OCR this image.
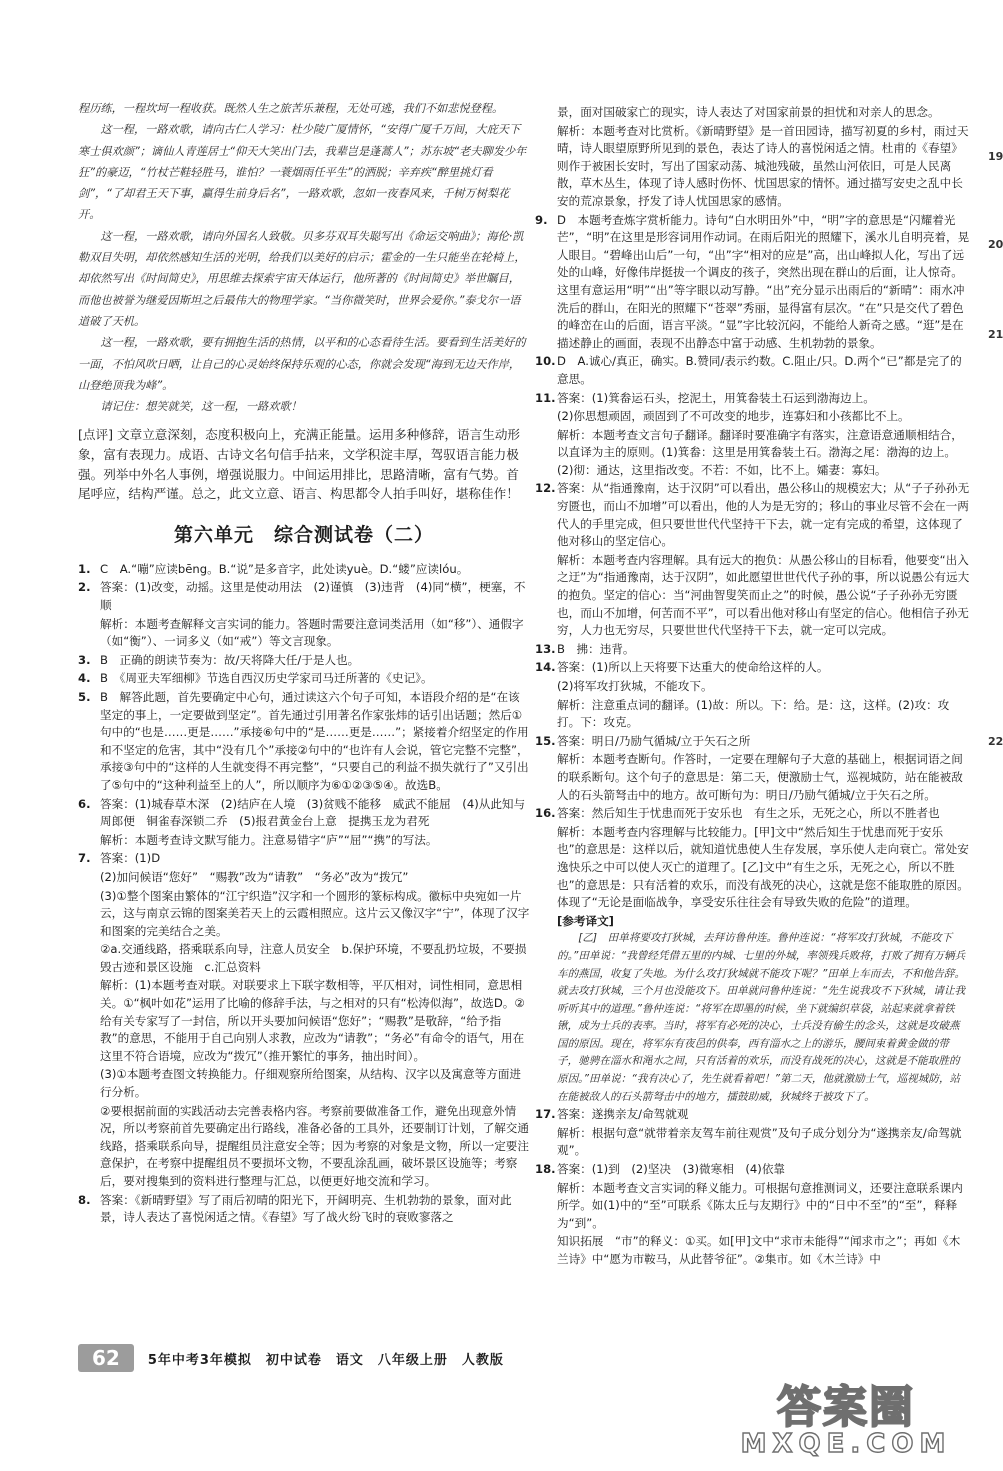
程历练，一程坎坷一程收获。既然人生之旅苦乐兼程，无处可逃，我们不如悲悦登程。

这一程，一路欢歌，请向古仁人学习：杜少陵广厦情怀，“安得广厦千万间，大庇天下寒士俱欢颜”；谪仙人青莲居士“仰天大笑出门去，我辈岂是蓬蒿人”；苏东坡“老夫聊发少年狂”的豪迈，“竹杖芒鞋轻胜马，谁怕？一蓑烟雨任平生”的洒脱；辛弃疾“醉里挑灯看剑”，“了却君王天下事，赢得生前身后名”，一路欢歌，忽如一夜春风来，千树万树梨花开。

这一程，一路欢歌，请向外国名人致敬。贝多芬双耳失聪写出《命运交响曲》；海伦·凯勒双目失明，却依然感知生活的光明，给我们以美好的启示；霍金的一生只能坐在轮椅上，却依然写出《时间简史》，用思维去探索宇宙天体运行，他所著的《时间简史》举世瞩目，而他也被誉为继爱因斯坦之后最伟大的物理学家。“当你微笑时，世界会爱你。”泰戈尔一语道破了天机。

这一程，一路欢歌，要有拥抱生活的热情，以平和的心态看待生活。要看到生活美好的一面，不怕风吹日晒，让自己的心灵始终保持乐观的心态，你就会发现“海到无边天作岸，山登绝顶我为峰”。

请记住：想笑就笑，这一程，一路欢歌！

[点评] 文章立意深刻，态度积极向上，充满正能量。运用多种修辞，语言生动形象，富有表现力。成语、古诗文名句信手拈来，文学积淀丰厚，驾驭语言能力极强。列举中外名人事例，增强说服力。中间运用排比，思路清晰，富有气势。首尾呼应，结构严谨。总之，此文立意、语言、构思都令人拍手叫好，堪称佳作！

第六单元　综合测试卷（二）

1. C　A.“嘣”应读bēng。B.“说”是多音字，此处读yuè。D.“蝼”应读lóu。

2. 答案：(1)改变，动摇。这里是使动用法　(2)谨慎　(3)违背　(4)同“横”，梗塞，不顺

解析：本题考查解释文言实词的能力。答题时需要注意词类活用（如“移”）、通假字（如“衡”）、一词多义（如“戒”）等文言现象。

3. B　正确的朗读节奏为：故/天将降大任/于是人也。

4. B　《周亚夫军细柳》节选自西汉历史学家司马迁所著的《史记》。

5. B　解答此题，首先要确定中心句，通过读这六个句子可知，本语段介绍的是“在该坚定的事上，一定要做到坚定”。首先通过引用著名作家张炜的话引出话题；然后①句中的“也是……更是……”承接⑥句中的“是……更是……”；紧接着介绍坚定的作用和不坚定的危害，其中“没有几个”承接②句中的“也许有人会说，管它完整不完整”，承接③句中的“这样的人生就变得不再完整”，“只要自己的利益不损失就行了”又引出了⑤句中的“这种利益至上的人”，所以顺序为⑥①②③⑤④。故选B。

6. 答案：(1)城春草木深　(2)结庐在人境　(3)贫贱不能移　威武不能屈　(4)从此知与周郎便　铜雀春深锁二乔　(5)报君黄金台上意　提携玉龙为君死

解析：本题考查诗文默写能力。注意易错字“庐”“屈”“携”的写法。

7. 答案：(1)D

(2)加问候语“您好”　“赐教”改为“请教”　“务必”改为“拨冗”

(3)①整个图案由繁体的“江宁织造”汉字和一个圆形的篆标构成。徽标中央宛如一片云，这与南京云锦的图案美若天上的云霞相照应。这片云又像汉字“宁”，体现了汉字和图案的完美结合之美。

②a.交通线路，搭乘联系向导，注意人员安全　b.保护环境，不要乱扔垃圾，不要损毁古迹和景区设施　c.汇总资料

解析：(1)本题考查对联。对联要求上下联字数相等，平仄相对，词性相同，意思相关。①“枫叶如花”运用了比喻的修辞手法，与之相对的只有“松涛似海”，故选D。②给有关专家写了一封信，所以开头要加问候语“您好”；“赐教”是敬辞，“给予指教”的意思，不能用于自己向别人求教，应改为“请教”；“务必”有命令的语气，用在这里不符合语境，应改为“拨冗”（推开繁忙的事务，抽出时间）。

(3)①本题考查图文转换能力。仔细观察所给图案，从结构、汉字以及寓意等方面进行分析。

②要根据前面的实践活动去完善表格内容。考察前要做准备工作，避免出现意外情况，所以考察前首先要确定出行路线，准备必备的工具外，还要制订计划，了解交通线路，搭乘联系向导，提醒组员注意安全等；因为考察的对象是文物，所以一定要注意保护，在考察中提醒组员不要损坏文物，不要乱涂乱画，破坏景区设施等；考察后，要对搜集到的资料进行整理与汇总，以便更好地交流和学习。

8. 答案：《新晴野望》写了雨后初晴的阳光下，开阔明亮、生机勃勃的景象，面对此景，诗人表达了喜悦闲适之情。《春望》写了战火纷飞时的衰败寥落之

景，面对国破家亡的现实，诗人表达了对国家前景的担忧和对亲人的思念。

解析：本题考查对比赏析。《新晴野望》是一首田园诗，描写初夏的乡村，雨过天晴，诗人眼望原野所见到的景色，表达了诗人的喜悦闲适之情。杜甫的《春望》则作于被困长安时，写出了国家动荡、城池残破，虽然山河依旧，可是人民离散，草木丛生，体现了诗人感时伤怀、忧国思家的情怀。通过描写安史之乱中长安的荒凉景象，抒发了诗人忧国思家的感情。

9. D　本题考查炼字赏析能力。诗句“白水明田外”中，“明”字的意思是“闪耀着光芒”，“明”在这里是形容词用作动词。在雨后阳光的照耀下，溪水儿自明亮着，晃人眼目。“碧峰出山后”一句，“出”字“相对的应是”高，出山峰拟人化，写出了远处的山峰，好像伟岸挺拔一个调皮的孩子，突然出现在群山的后面，让人惊奇。这里有意运用“明”“出”等字眼以动写静。“出”充分显示出雨后的“新晴”：雨水冲洗后的群山，在阳光的照耀下“苍翠”秀丽，显得富有层次。“在”只是交代了碧色的峰峦在山的后面，语言平淡。“显”字比较沉闷，不能给人新奇之感。“逛”是在描述静止的画面，表现不出静态中富于动感、生机勃勃的景象。

10. D　A.诚心/真正，确实。B.赞同/表示约数。C.阻止/只。D.两个“已”都是完了的意思。

11. 答案：(1)箕畚运石头，挖泥土，用箕畚装土石运到渤海边上。

(2)你思想顽固，顽固到了不可改变的地步，连寡妇和小孩都比不上。

解析：本题考查文言句子翻译。翻译时要准确字有落实，注意语意通顺相结合，以直译为主的原则。(1)箕畚：这里是用箕畚装土石。渤海之尾：渤海的边上。(2)彻：通达，这里指改变。不若：不如，比不上。孀妻：寡妇。

12. 答案：从“指通豫南，达于汉阴”可以看出，愚公移山的规模宏大；从“子子孙孙无穷匮也，而山不加增”可以看出，他的人为是无穷的；移山的事业尽管不会在一两代人的手里完成，但只要世世代代坚持干下去，就一定有完成的希望，这体现了他对移山的坚定信心。

解析：本题考查内容理解。具有远大的抱负：从愚公移山的目标看，他要变“出入之迂”为“指通豫南，达于汉阴”，如此愿望世世代代子孙的事，所以说愚公有远大的抱负。坚定的信心：当“河曲智叟笑而止之”的时候，愚公说“子子孙孙无穷匮也，而山不加增，何苦而不平”，可以看出他对移山有坚定的信心。他相信子孙无穷，人力也无穷尽，只要世世代代坚持干下去，就一定可以完成。

13. B　拂：违背。

14. 答案：(1)所以上天将要下达重大的使命给这样的人。

(2)将军攻打狄城，不能攻下。

解析：注意重点词的翻译。(1)故：所以。下：给。是：这，这样。(2)攻：攻打。下：攻克。

15. 答案：明日/乃励气循城/立于矢石之所

解析：本题考查断句。作答时，一定要在理解句子大意的基础上，根据词语之间的联系断句。这个句子的意思是：第二天，便激励士气，巡视城防，站在能被敌人的石头箭弩击中的地方。故可断句为：明日/乃励气循城/立于矢石之所。

16. 答案：然后知生于忧患而死于安乐也　有生之乐，无死之心，所以不胜者也

解析：本题考查内容理解与比较能力。[甲]文中“然后知生于忧患而死于安乐也”的意思是：这样以后，就知道忧患使人生存发展，享乐使人走向衰亡。常处安逸快乐之中可以使人灭亡的道理了。[乙]文中“有生之乐，无死之心，所以不胜也”的意思是：只有活着的欢乐，而没有战死的决心，这就是您不能取胜的原因。体现了“无论是面临战争，享受安乐往往会有导致失败的危险”的道理。

[参考译文]

[乙]　田单将要攻打狄城，去拜访鲁仲连。鲁仲连说：“将军攻打狄城，不能攻下的。”田单说：“我曾经凭借五里的内城、七里的外城，率领残兵败将，打败了拥有万辆兵车的燕国，收复了失地。为什么攻打狄城就不能攻下呢？”田单上车而去，不和他告辞。就去攻打狄城，三个月也没能攻下。田单就问鲁仲连说：“先生说我攻不下狄城，请让我听听其中的道理。”鲁仲连说：“将军在即墨的时候，坐下就编织草袋，站起来就拿着铁锹，成为士兵的表率。当时，将军有必死的决心，士兵没有偷生的念头，这就是攻破燕国的原因。现在，将军东有夜邑的供奉，西有淄水之上的游乐，腰间束着黄金做的带子，驰骋在淄水和渑水之间，只有活着的欢乐，而没有战死的决心，这就是不能取胜的原因。”田单说：“我有决心了，先生就看着吧！”第二天，他就激励士气，巡视城防，站在能被敌人的石头箭弩击中的地方，擂鼓助威，狄城终于被攻下了。

17. 答案：遂携亲友/命驾就观

解析：根据句意“就带着亲友驾车前往观赏”及句子成分划分为“遂携亲友/命驾就观”。

18. 答案：(1)到　(2)坚决　(3)微寒相　(4)依靠

解析：本题考查文言实词的释义能力。可根据句意推测词义，还要注意联系课内所学。如(1)中的“至”可联系《陈太丘与友期行》中的“日中不至”的“至”，释释为“到”。

知识拓展　“市”的释义：①买。如[甲]文中“求市未能得”“闻求市之”；再如《木兰诗》中“愿为市鞍马，从此替爷征”。②集市。如《木兰诗》中

19
20
21
22
62	5年中考3年模拟　初中试卷　语文　八年级上册　人教版
答案圈
MXQE.COM
